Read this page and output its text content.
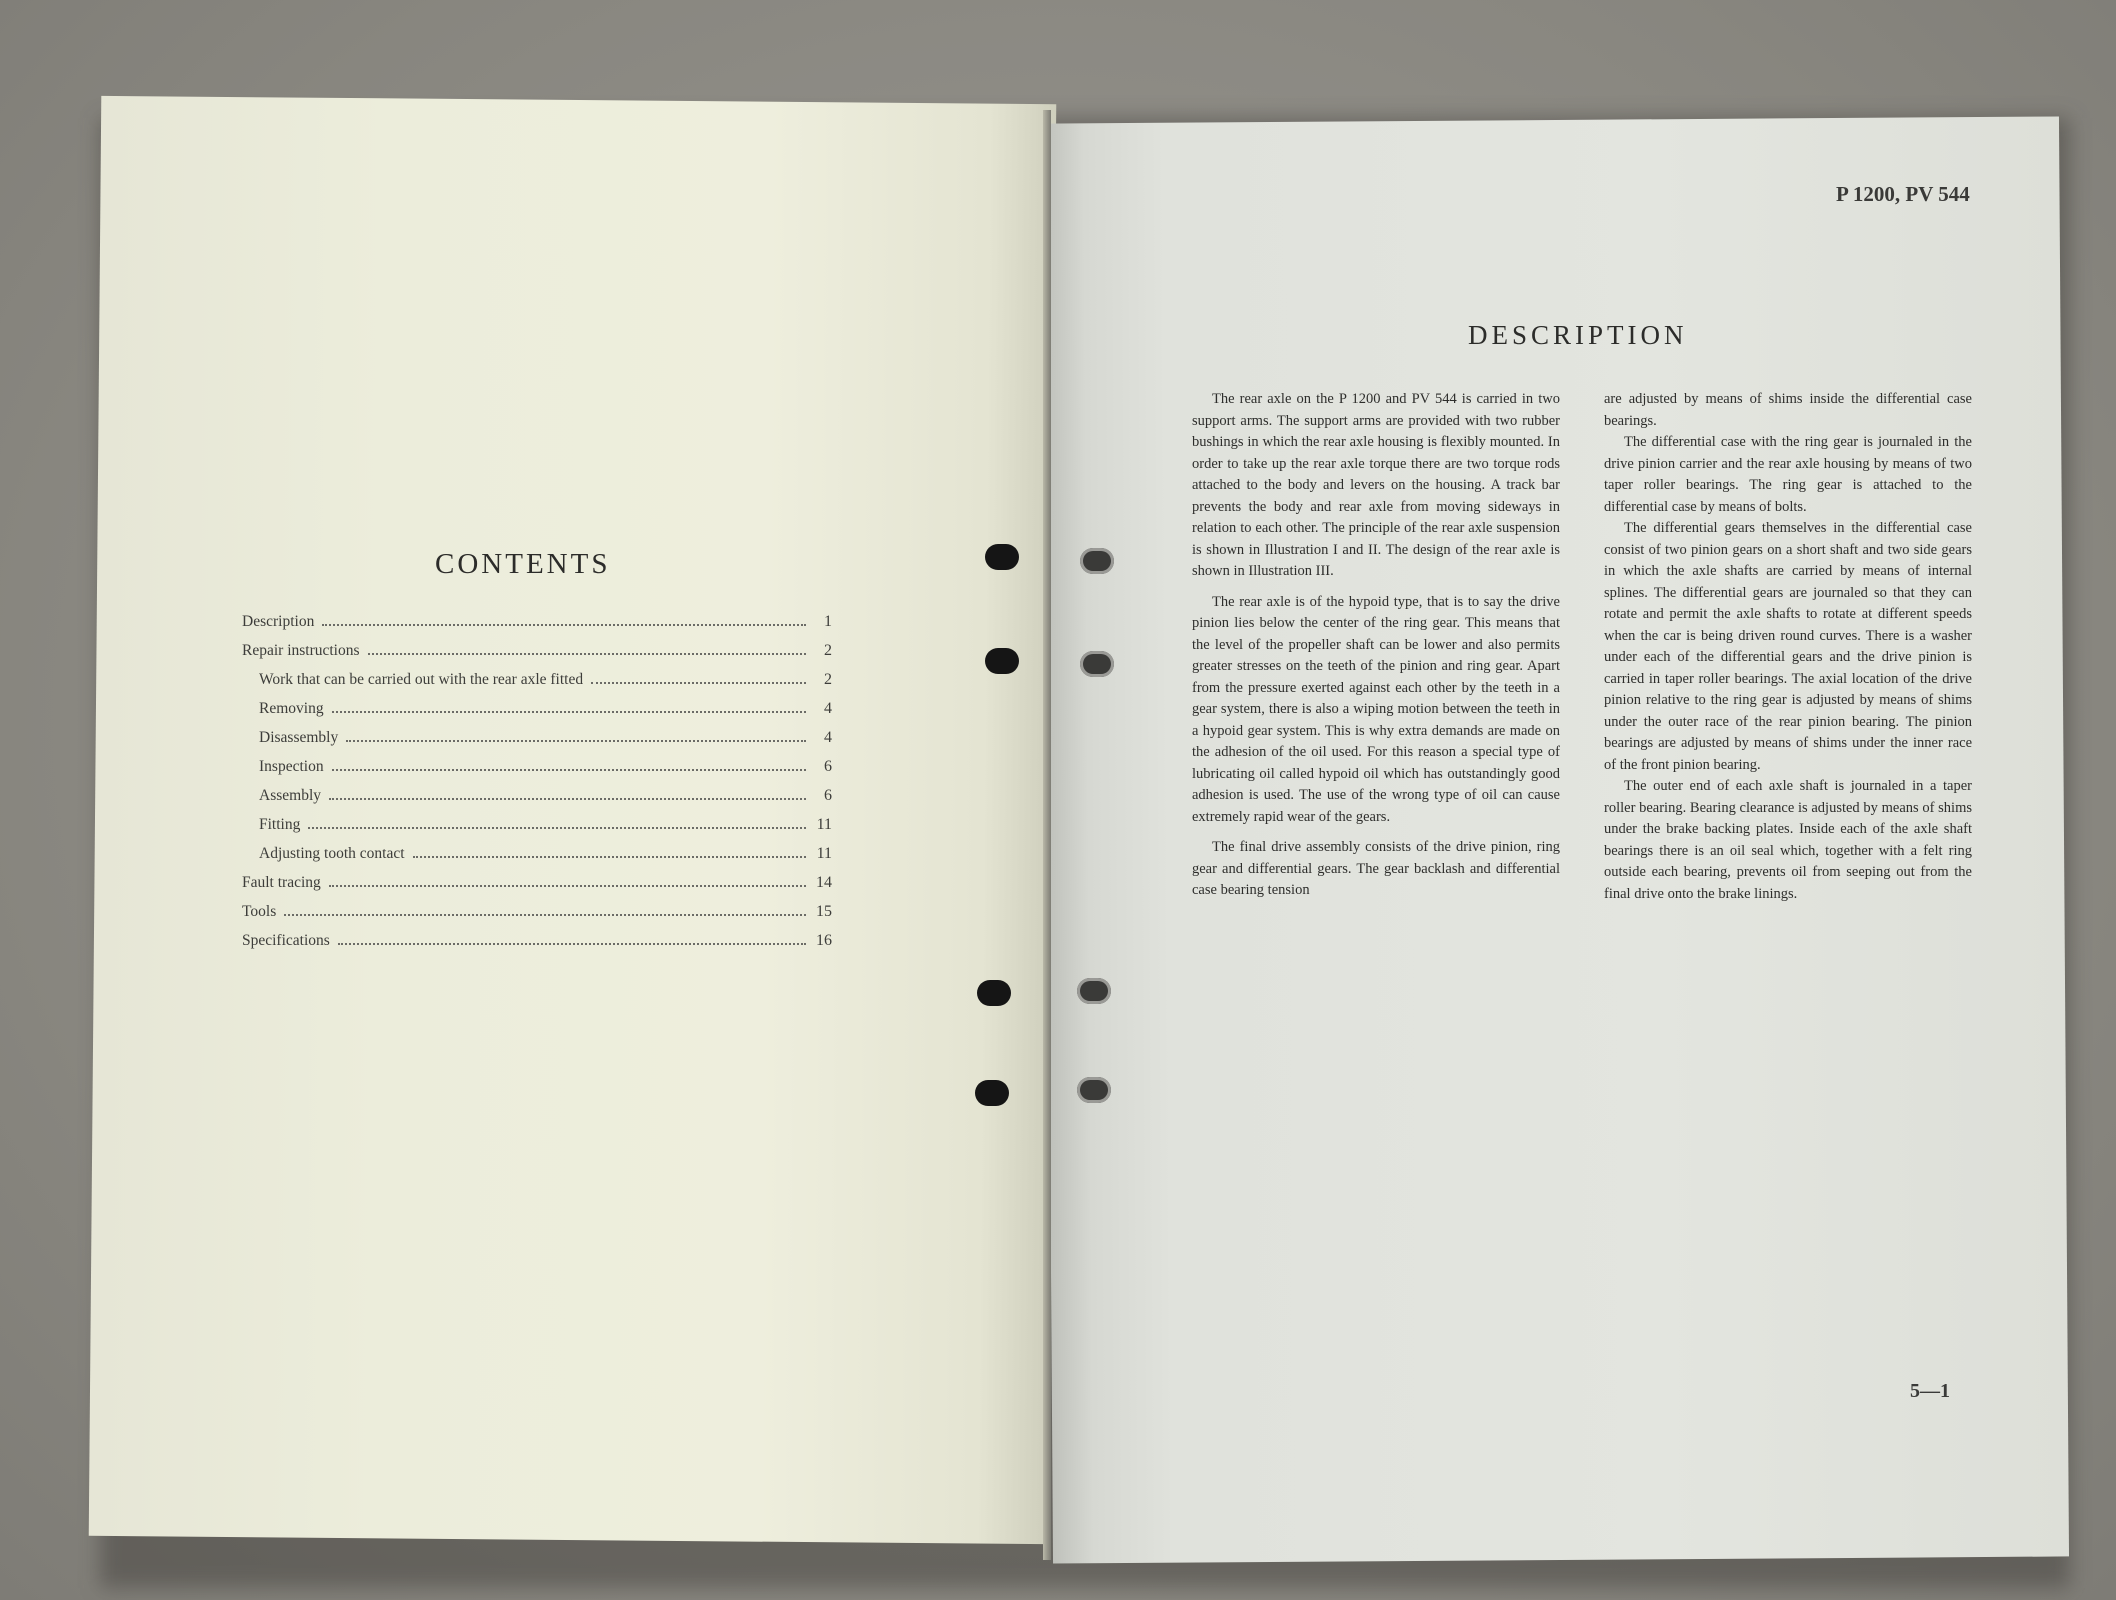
CONTENTS
Description	1
Repair instructions	2
Work that can be carried out with the rear axle fitted	2
Removing	4
Disassembly	4
Inspection	6
Assembly	6
Fitting	11
Adjusting tooth contact	11
Fault tracing	14
Tools	15
Specifications	16
P 1200, PV 544
DESCRIPTION

The rear axle on the P 1200 and PV 544 is carried in two support arms. The support arms are provided with two rubber bushings in which the rear axle housing is flexibly mounted. In order to take up the rear axle torque there are two torque rods attached to the body and levers on the housing. A track bar prevents the body and rear axle from moving sideways in relation to each other. The principle of the rear axle suspension is shown in Illustration I and II. The design of the rear axle is shown in Illustration III.

The rear axle is of the hypoid type, that is to say the drive pinion lies below the center of the ring gear. This means that the level of the propeller shaft can be lower and also permits greater stresses on the teeth of the pinion and ring gear. Apart from the pressure exerted against each other by the teeth in a gear system, there is also a wiping motion between the teeth in a hypoid gear system. This is why extra demands are made on the adhesion of the oil used. For this reason a special type of lubricating oil called hypoid oil which has outstandingly good adhesion is used. The use of the wrong type of oil can cause extremely rapid wear of the gears.

The final drive assembly consists of the drive pinion, ring gear and differential gears. The gear backlash and differential case bearing tension

are adjusted by means of shims inside the differential case bearings.

The differential case with the ring gear is journaled in the drive pinion carrier and the rear axle housing by means of two taper roller bearings. The ring gear is attached to the differential case by means of bolts.

The differential gears themselves in the differential case consist of two pinion gears on a short shaft and two side gears in which the axle shafts are carried by means of internal splines. The differential gears are journaled so that they can rotate and permit the axle shafts to rotate at different speeds when the car is being driven round curves. There is a washer under each of the differential gears and the drive pinion is carried in taper roller bearings. The axial location of the drive pinion relative to the ring gear is adjusted by means of shims under the outer race of the rear pinion bearing. The pinion bearings are adjusted by means of shims under the inner race of the front pinion bearing.

The outer end of each axle shaft is journaled in a taper roller bearing. Bearing clearance is adjusted by means of shims under the brake backing plates. Inside each of the axle shaft bearings there is an oil seal which, together with a felt ring outside each bearing, prevents oil from seeping out from the final drive onto the brake linings.

5—1
